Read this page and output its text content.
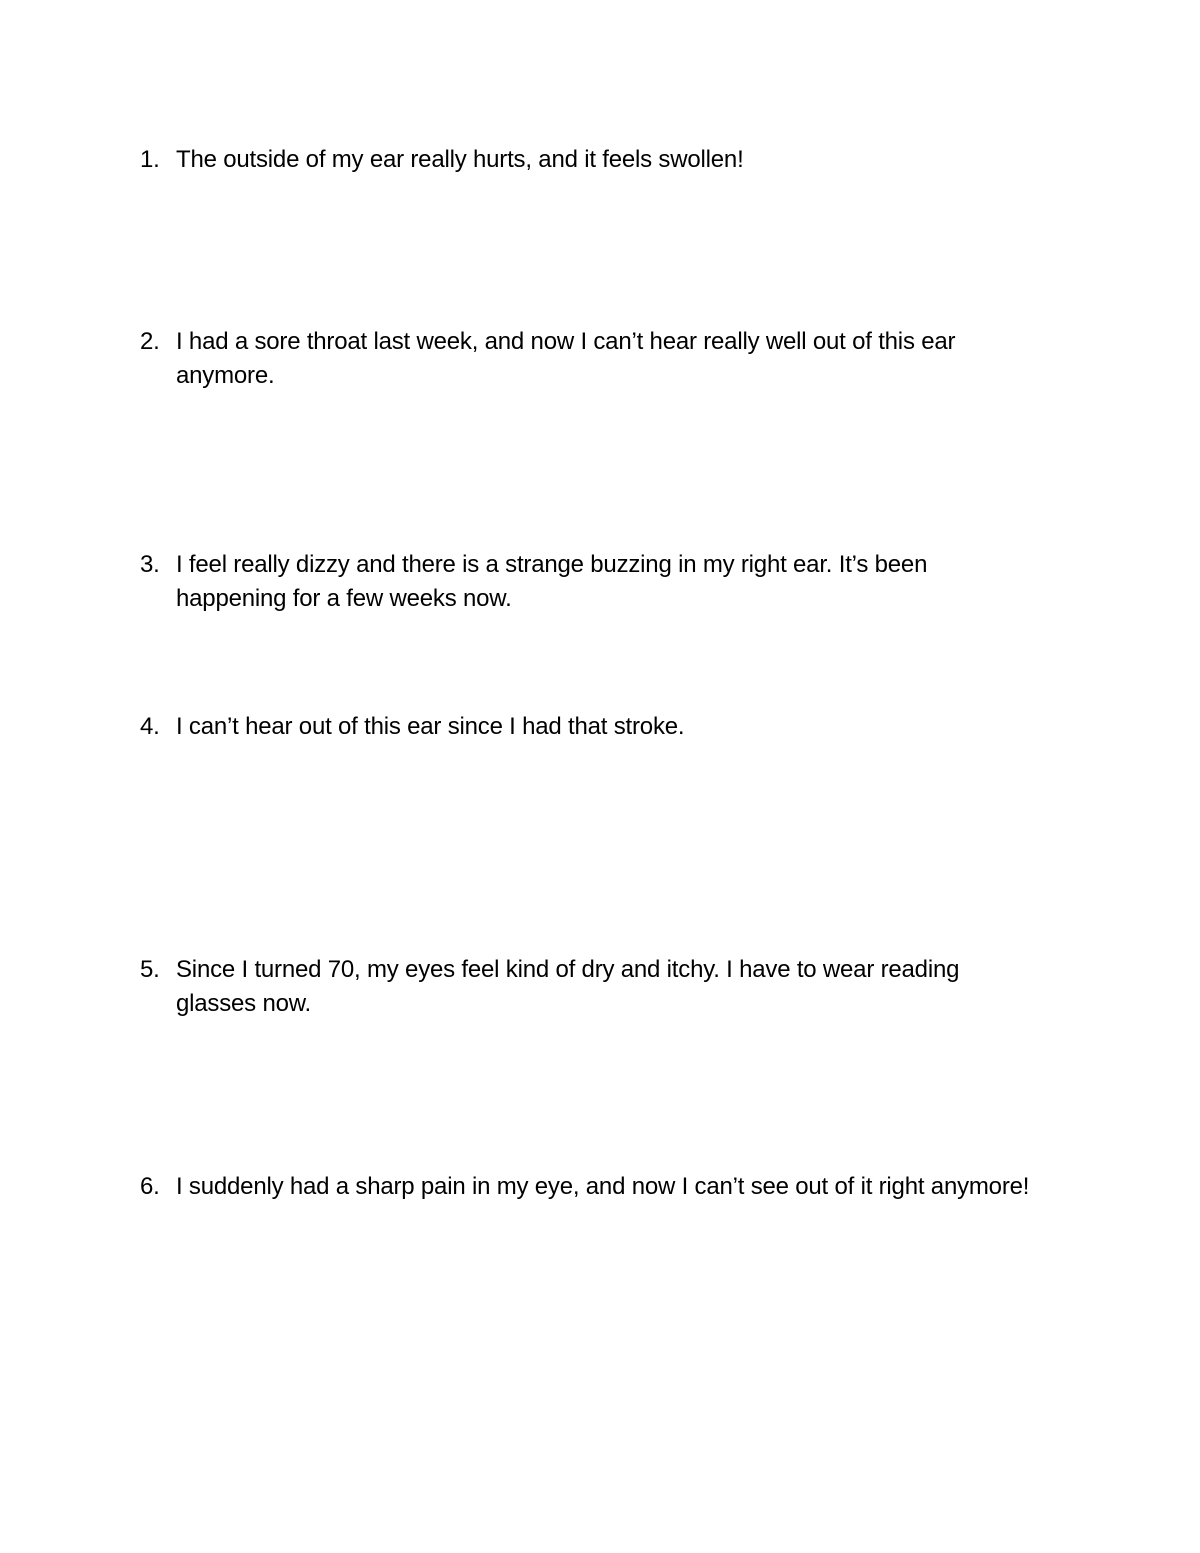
1. The outside of my ear really hurts, and it feels swollen!
2. I had a sore throat last week, and now I can’t hear really well out of this ear anymore.
3. I feel really dizzy and there is a strange buzzing in my right ear. It’s been happening for a few weeks now.
4. I can’t hear out of this ear since I had that stroke.
5. Since I turned 70, my eyes feel kind of dry and itchy. I have to wear reading glasses now.
6. I suddenly had a sharp pain in my eye, and now I can’t see out of it right anymore!
